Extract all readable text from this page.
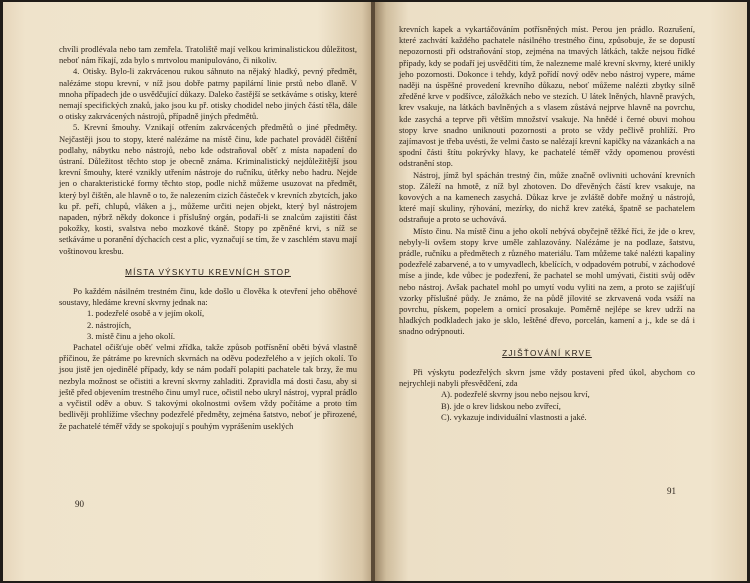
chvíli prodlévala nebo tam zemřela. Tratoliště mají velkou kriminalistickou důležitost, neboť nám říkají, zda bylo s mrtvolou manipulováno, či nikoliv.

4. Otisky. Bylo-li zakrvácenou rukou sáhnuto na nějaký hladký, pevný předmět, nalézáme stopu krevní, v níž jsou dobře patrny papilární linie prstů nebo dlaně. V mnoha případech jde o usvědčující důkazy. Daleko častější se setkáváme s otisky, které nemají specifických znaků, jako jsou ku př. otisky chodidel nebo jiných částí těla, dále o otisky zakrvácených nástrojů, případně jiných předmětů.

5. Krevní šmouhy. Vznikají otřením zakrvácených předmětů o jiné předměty. Nejčastěji jsou to stopy, které nalézáme na místě činu, kde pachatel prováděl čištění podlahy, nábytku nebo nástrojů, nebo kde odstraňoval oběť z místa napadení do ústraní. Důležitost těchto stop je obecně známa. Kriminalistický nejdůležitější jsou krevní šmouhy, které vznikly utřením nástroje do ručníku, útěrky nebo hadru. Nejde jen o charakteristické formy těchto stop, podle nichž můžeme usuzovat na předmět, který byl čištěn, ale hlavně o to, že nalezením cizích částeček v krevních zbytcích, jako ku př. peří, chlupů, vláken a j., můžeme určiti nejen objekt, který byl nástrojem napaden, nýbrž někdy dokonce i příslušný orgán, podaří-li se znalcům zajistiti část pokožky, kosti, svalstva nebo mozkové tkáně. Stopy po zpěněné krvi, s níž se setkáváme u poranění dýchacích cest a plic, vyznačují se tím, že v zaschlém stavu mají voštinovou kresbu.

MÍSTA VÝSKYTU KREVNÍCH STOP

Po každém násilném trestném činu, kde došlo u člověka k otevření jeho oběhové soustavy, hledáme krevní skvrny jednak na:

1. podezřelé osobě a v jejím okolí,

2. nástrojích,

3. místě činu a jeho okolí.

Pachatel očišťuje oběť velmi zřídka, takže způsob potřísnění oběti bývá vlastně příčinou, že pátráme po krevních skvrnách na oděvu podezřelého a v jejích okolí. To jsou jistě jen ojedinělé případy, kdy se nám podaří polapiti pachatele tak brzy, že mu nezbyla možnost se očistiti a krevní skvrny zahladiti. Zpravidla má dosti času, aby si ještě před objevením trestného činu umyl ruce, očistil nebo ukryl nástroj, vypral prádlo a vyčistil oděv a obuv. S takovými okolnostmi ovšem vždy počítáme a proto tím bedlivěji prohlížíme všechny podezřelé předměty, zejména šatstvo, neboť je přirozené, že pachatelé téměř vždy se spokojují s pouhým vyprášením useklých

90

krevních kapek a vykartáčováním potřísněných míst. Perou jen prádlo. Rozrušení, které zachvátí každého pachatele násilného trestného činu, způsobuje, že se dopustí nepozornosti při odstraňování stop, zejména na tmavých látkách, takže nejsou řídké případy, kdy se podaří jej usvědčiti tím, že nalezneme malé krevní skvrny, které unikly jeho pozornosti. Dokonce i tehdy, když pořídí nový oděv nebo nástroj vypere, máme naději na úspěšné provedení krevního důkazu, neboť můžeme nalézti zbytky silně zředěné krve v podšívce, záložkách nebo ve stezích. U látek lněných, hlavně pravých, krev vsakuje, na látkách bavlněných a s vlasem zůstává nejprve hlavně na povrchu, kde zasychá a teprve při větším množství vsakuje. Na hnědé i černé obuvi mohou stopy krve snadno uniknouti pozornosti a proto se vždy pečlivě prohlíží. Pro zajímavost je třeba uvésti, že velmi často se nalézají krevní kapičky na vázankách a na spodní části štítu pokrývky hlavy, ke pachatelé téměř vždy opomenou provésti odstranění stop.

Nástroj, jímž byl spáchán trestný čin, může značně ovlivniti uchování krevních stop. Záleží na hmotě, z níž byl zhotoven. Do dřevěných částí krev vsakuje, na kovových a na kamenech zasychá. Důkaz krve je zvláště dobře možný u nástrojů, které mají skuliny, rýhování, mezírky, do nichž krev zatéká, špatně se pachatelem odstraňuje a proto se uchovává.

Místo činu. Na místě činu a jeho okolí nebývá obyčejně těžké říci, že jde o krev, nebyly-li ovšem stopy krve uměle zahlazovány. Nalézáme je na podlaze, šatstvu, prádle, ručníku a předmětech z různého materiálu. Tam můžeme také nalézti kapaliny podezřelé zabarvené, a to v umyvadlech, kbelících, v odpadovém potrubí, v záchodové míse a jinde, kde vůbec je podezření, že pachatel se mohl umývati, čistiti svůj oděv nebo nástroj. Avšak pachatel mohl po umytí vodu vyliti na zem, a proto se zajišťují vzorky příslušné půdy. Je známo, že na půdě jílovité se zkrvavená voda vsáží na povrchu, pískem, popelem a ornicí prosakuje. Poměrně nejlépe se krev udrží na hladkých podkladech jako je sklo, leštěné dřevo, porcelán, kamení a j., kde se dá i snadno odrýpnouti.

ZJIŠŤOVÁNÍ KRVE

Při výskytu podezřelých skvrn jsme vždy postaveni před úkol, abychom co nejrychleji nabyli přesvědčení, zda

A). podezřelé skvrny jsou nebo nejsou krví,

B). jde o krev lidskou nebo zvířecí,

C). vykazuje individuální vlastnosti a jaké.

91
